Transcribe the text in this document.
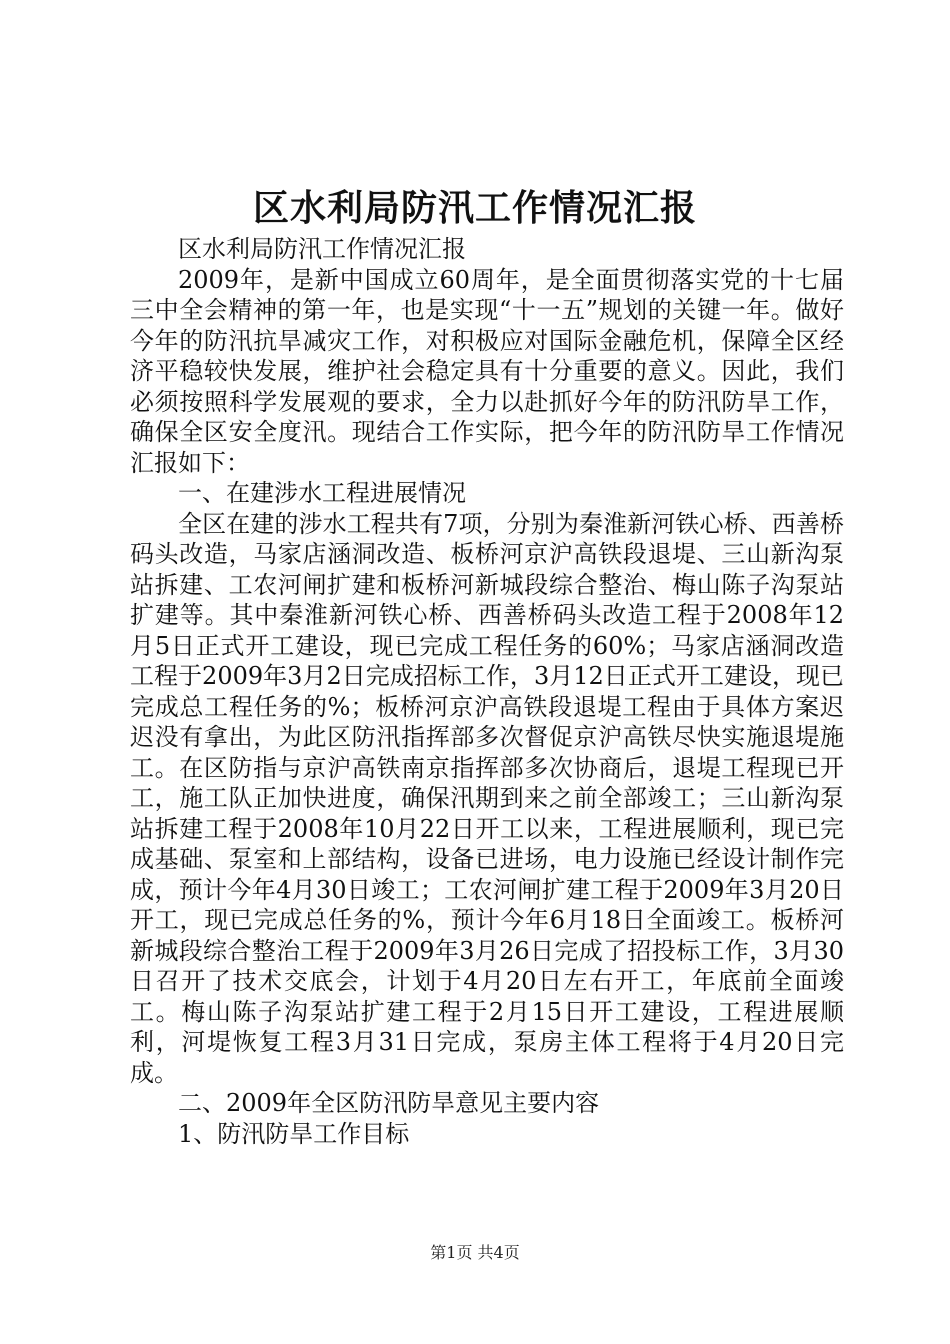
区水利局防汛工作情况汇报

区水利局防汛工作情况汇报

2009年，是新中国成立60周年，是全面贯彻落实党的十七届三中全会精神的第一年，也是实现“十一五”规划的关键一年。做好今年的防汛抗旱减灾工作，对积极应对国际金融危机，保障全区经济平稳较快发展，维护社会稳定具有十分重要的意义。因此，我们必须按照科学发展观的要求，全力以赴抓好今年的防汛防旱工作，确保全区安全度汛。现结合工作实际，把今年的防汛防旱工作情况汇报如下：

一、在建涉水工程进展情况

全区在建的涉水工程共有7项，分别为秦淮新河铁心桥、西善桥码头改造，马家店涵洞改造、板桥河京沪高铁段退堤、三山新沟泵站拆建、工农河闸扩建和板桥河新城段综合整治、梅山陈子沟泵站扩建等。其中秦淮新河铁心桥、西善桥码头改造工程于2008年12月5日正式开工建设，现已完成工程任务的60%；马家店涵洞改造工程于2009年3月2日完成招标工作，3月12日正式开工建设，现已完成总工程任务的%；板桥河京沪高铁段退堤工程由于具体方案迟迟没有拿出，为此区防汛指挥部多次督促京沪高铁尽快实施退堤施工。在区防指与京沪高铁南京指挥部多次协商后，退堤工程现已开工，施工队正加快进度，确保汛期到来之前全部竣工；三山新沟泵站拆建工程于2008年10月22日开工以来，工程进展顺利，现已完成基础、泵室和上部结构，设备已进场，电力设施已经设计制作完成，预计今年4月30日竣工；工农河闸扩建工程于2009年3月20日开工，现已完成总任务的%，预计今年6月18日全面竣工。板桥河新城段综合整治工程于2009年3月26日完成了招投标工作，3月30日召开了技术交底会，计划于4月20日左右开工，年底前全面竣工。梅山陈子沟泵站扩建工程于2月15日开工建设，工程进展顺利，河堤恢复工程3月31日完成，泵房主体工程将于4月20日完成。

二、2009年全区防汛防旱意见主要内容

1、防汛防旱工作目标

第1页 共4页
